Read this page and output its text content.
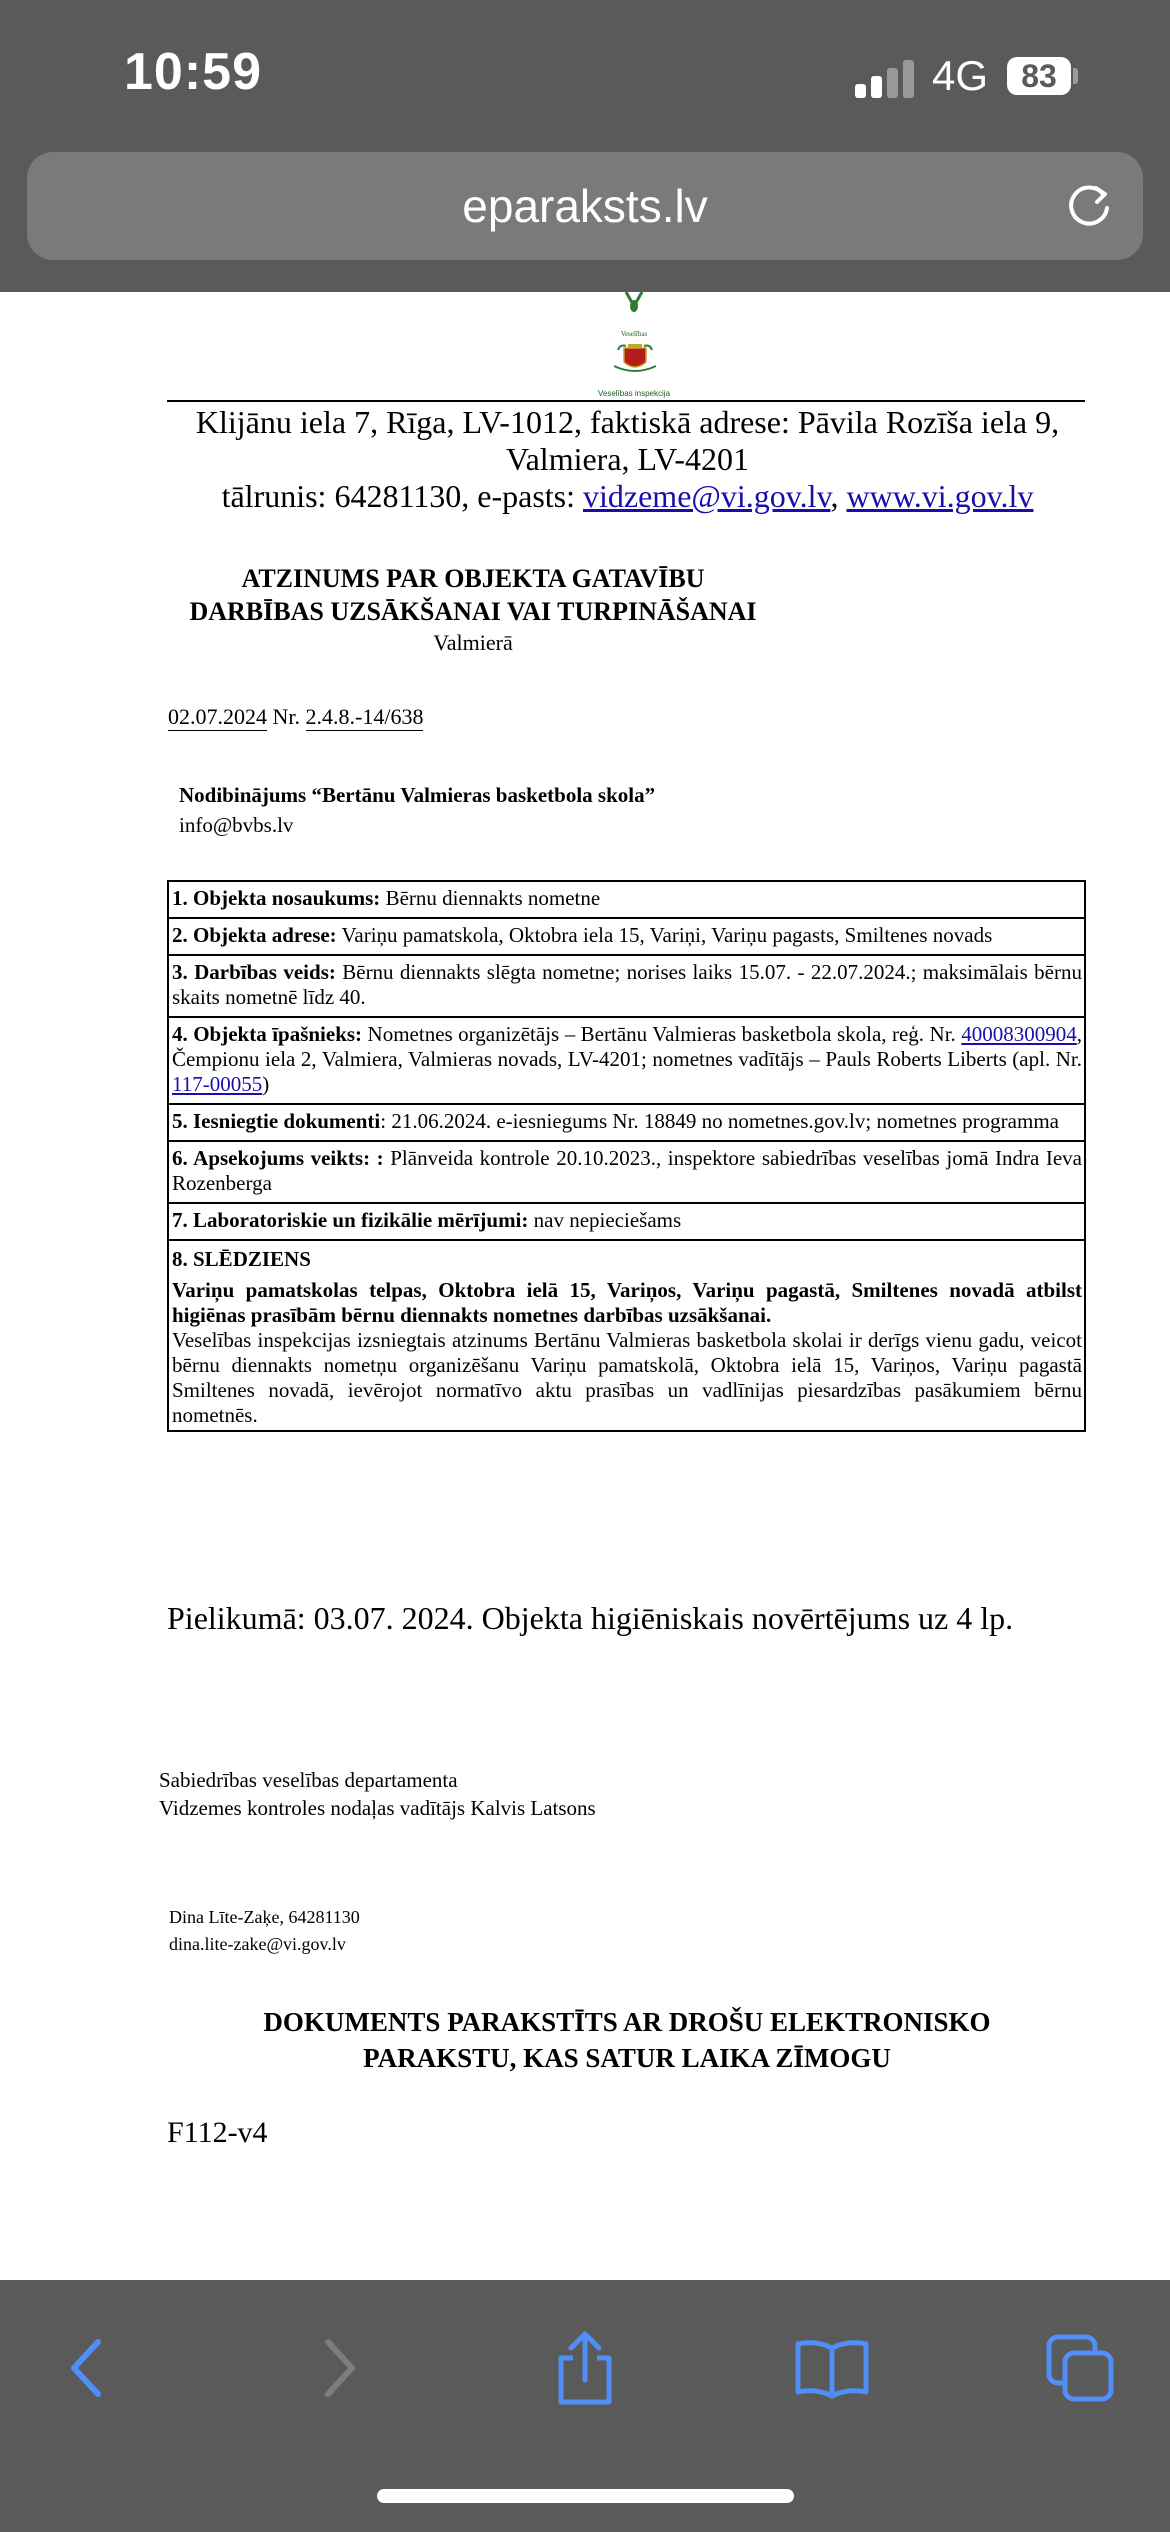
10:59	4G	83
eparaksts.lv
Veselības
Veselības inspekcija
Klijānu iela 7, Rīga, LV-1012, faktiskā adrese: Pāvila Rozīša iela 9, Valmiera, LV-4201
tālrunis: 64281130, e-pasts: vidzeme@vi.gov.lv, www.vi.gov.lv
ATZINUMS PAR OBJEKTA GATAVĪBU
DARBĪBAS UZSĀKŠANAI VAI TURPINĀŠANAI
Valmierā
02.07.2024 Nr. 2.4.8.-14/638
Nodibinājums “Bertānu Valmieras basketbola skola”
info@bvbs.lv
1. Objekta nosaukums: Bērnu diennakts nometne
2. Objekta adrese: Variņu pamatskola, Oktobra iela 15, Variņi, Variņu pagasts, Smiltenes novads
3. Darbības veids: Bērnu diennakts slēgta nometne; norises laiks 15.07. - 22.07.2024.; maksimālais bērnu skaits nometnē līdz 40.
4. Objekta īpašnieks: Nometnes organizētājs – Bertānu Valmieras basketbola skola, reģ. Nr. 40008300904, Čempionu iela 2, Valmiera, Valmieras novads, LV-4201; nometnes vadītājs – Pauls Roberts Liberts (apl. Nr. 117-00055)
5. Iesniegtie dokumenti: 21.06.2024. e-iesniegums Nr. 18849 no nometnes.gov.lv; nometnes programma
6. Apsekojums veikts: : Plānveida kontrole 20.10.2023., inspektore sabiedrības veselības jomā Indra Ieva Rozenberga
7. Laboratoriskie un fizikālie mērījumi: nav nepieciešams

8. SLĒDZIENS
Variņu pamatskolas telpas, Oktobra ielā 15, Variņos, Variņu pagastā, Smiltenes novadā atbilst higiēnas prasībām bērnu diennakts nometnes darbības uzsākšanai.
Veselības inspekcijas izsniegtais atzinums Bertānu Valmieras basketbola skolai ir derīgs vienu gadu, veicot bērnu diennakts nometņu organizēšanu Variņu pamatskolā, Oktobra ielā 15, Variņos, Variņu pagastā Smiltenes novadā, ievērojot normatīvo aktu prasības un vadlīnijas piesardzības pasākumiem bērnu nometnēs.
Pielikumā: 03.07. 2024. Objekta higiēniskais novērtējums uz 4 lp.
Sabiedrības veselības departamenta
Vidzemes kontroles nodaļas vadītājs Kalvis Latsons
Dina Līte-Zaķe, 64281130
dina.lite-zake@vi.gov.lv
DOKUMENTS PARAKSTĪTS AR DROŠU ELEKTRONISKO
PARAKSTU, KAS SATUR LAIKA ZĪMOGU
F112-v4
